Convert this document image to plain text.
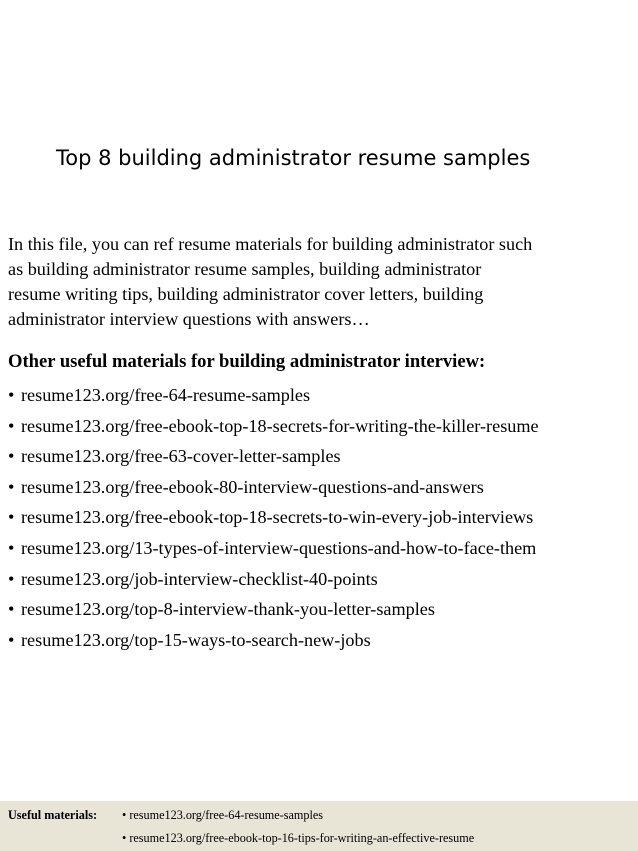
Top 8 building administrator resume samples

In this file, you can ref resume materials for building administrator such

as building administrator resume samples, building administrator

resume writing tips, building administrator cover letters, building

administrator interview questions with answers…

Other useful materials for building administrator interview:
• resume123.org/free-64-resume-samples
• resume123.org/free-ebook-top-18-secrets-for-writing-the-killer-resume
• resume123.org/free-63-cover-letter-samples
• resume123.org/free-ebook-80-interview-questions-and-answers
• resume123.org/free-ebook-top-18-secrets-to-win-every-job-interviews
• resume123.org/13-types-of-interview-questions-and-how-to-face-them
• resume123.org/job-interview-checklist-40-points
• resume123.org/top-8-interview-thank-you-letter-samples
• resume123.org/top-15-ways-to-search-new-jobs
Useful materials: • resume123.org/free-64-resume-samples
• resume123.org/free-ebook-top-16-tips-for-writing-an-effective-resume
